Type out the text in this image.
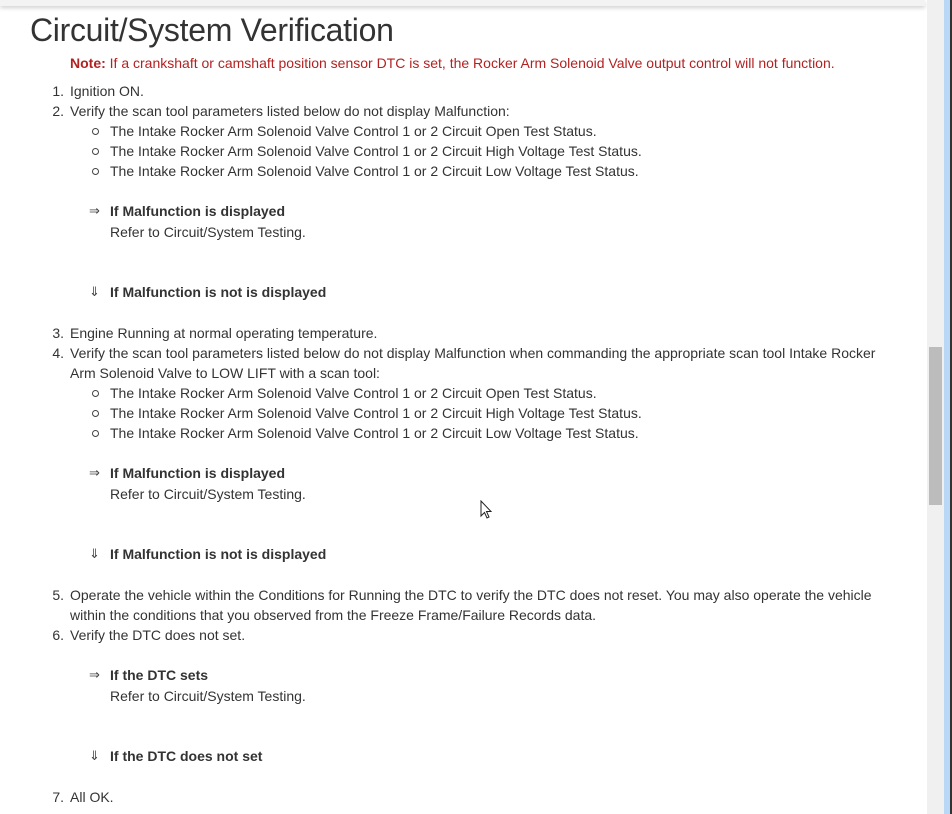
Circuit/System Verification
Note: If a crankshaft or camshaft position sensor DTC is set, the Rocker Arm Solenoid Valve output control will not function.
1. Ignition ON.
2. Verify the scan tool parameters listed below do not display Malfunction:
The Intake Rocker Arm Solenoid Valve Control 1 or 2 Circuit Open Test Status.
The Intake Rocker Arm Solenoid Valve Control 1 or 2 Circuit High Voltage Test Status.
The Intake Rocker Arm Solenoid Valve Control 1 or 2 Circuit Low Voltage Test Status.
⇒ If Malfunction is displayed
Refer to Circuit/System Testing.
⇓ If Malfunction is not is displayed
3. Engine Running at normal operating temperature.
4. Verify the scan tool parameters listed below do not display Malfunction when commanding the appropriate scan tool Intake Rocker
Arm Solenoid Valve to LOW LIFT with a scan tool:
The Intake Rocker Arm Solenoid Valve Control 1 or 2 Circuit Open Test Status.
The Intake Rocker Arm Solenoid Valve Control 1 or 2 Circuit High Voltage Test Status.
The Intake Rocker Arm Solenoid Valve Control 1 or 2 Circuit Low Voltage Test Status.
⇒ If Malfunction is displayed
Refer to Circuit/System Testing.
⇓ If Malfunction is not is displayed
5. Operate the vehicle within the Conditions for Running the DTC to verify the DTC does not reset. You may also operate the vehicle
within the conditions that you observed from the Freeze Frame/Failure Records data.
6. Verify the DTC does not set.
⇒ If the DTC sets
Refer to Circuit/System Testing.
⇓ If the DTC does not set
7. All OK.
